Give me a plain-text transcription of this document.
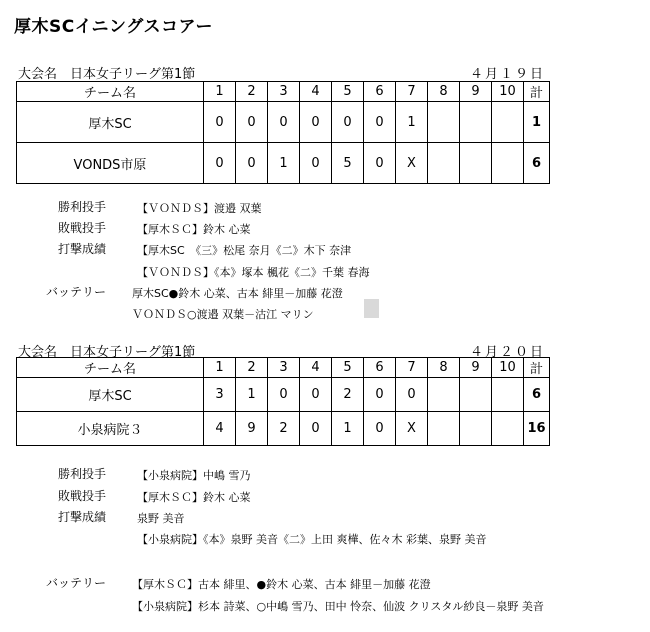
厚木SCイニングスコアー
大会名　日本女子リーグ第1節	４月１９日
チーム名	1	2	3	4	5	6	7	8	9	10	計
厚木SC	0	0	0	0	0	0	1				1
VONDS市原	0	0	1	0	5	0	X				6
勝利投手	【ＶＯＮＤＳ】渡邉 双葉
敗戦投手	【厚木ＳＣ】鈴木 心菜
打撃成績	【厚木SC　《三》松尾 奈月《二》木下 奈津
【ＶＯＮＤＳ】《本》塚本 楓花《二》千葉 春海
バッテリー 厚木SC●鈴木 心菜、古本 緋里－加藤 花澄
ＶＯＮＤＳ○渡邉 双葉－沽江 マリン
大会名　日本女子リーグ第1節	４月２０日
チーム名	1	2	3	4	5	6	7	8	9	10	計
厚木SC	3	1	0	0	2	0	0				6
小泉病院３	4	9	2	0	1	0	X				16
勝利投手	【小泉病院】中嶋 雪乃
敗戦投手	【厚木ＳＣ】鈴木 心菜
打撃成績	泉野 美音
【小泉病院】《本》泉野 美音《二》上田 爽樺、佐々木 彩葉、泉野 美音
バッテリー 【厚木ＳＣ】古本 緋里、●鈴木 心菜、古本 緋里－加藤 花澄
【小泉病院】杉本 詩菜、○中嶋 雪乃、田中 怜奈、仙波 クリスタル紗良－泉野 美音
